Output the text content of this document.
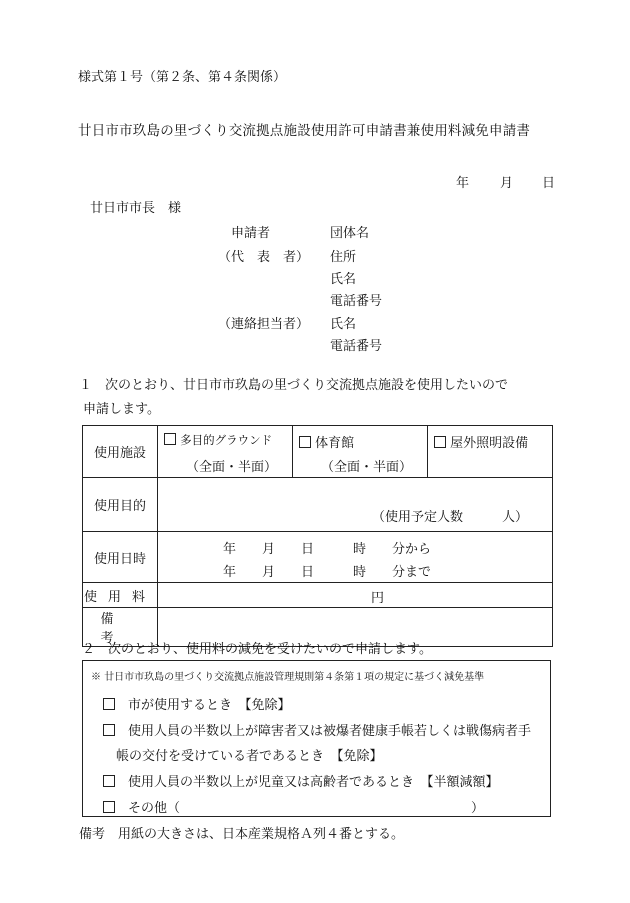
様式第１号（第２条、第４条関係）
廿日市市玖島の里づくり交流拠点施設使用許可申請書兼使用料減免申請書
年 月 日
廿日市市長　様
申請者	団体名
（代　表　者） 住所
氏名
電話番号
（連絡担当者） 氏名
電話番号
１　次のとおり、廿日市市玖島の里づくり交流拠点施設を使用したいので
申請します。
使用施設	多目的グラウンド
（全面・半面）
体育館
（全面・半面）
屋外照明設備

使用目的	（使用予定人数　　　人）

使用日時	年　　月　　日　　　時　　分から
年　　月　　日　　　時　　分まで

使用料	円

備考	
２　次のとおり、使用料の減免を受けたいので申請します。
※ 廿日市市玖島の里づくり交流拠点施設管理規則第４条第１項の規定に基づく減免基準
　市が使用するとき　【免除】
　使用人員の半数以上が障害者又は被爆者健康手帳若しくは戦傷病者手
帳の交付を受けている者であるとき　【免除】
　使用人員の半数以上が児童又は高齢者であるとき　【半額減額】
　その他（	）
備考　用紙の大きさは、日本産業規格Ａ列４番とする。
